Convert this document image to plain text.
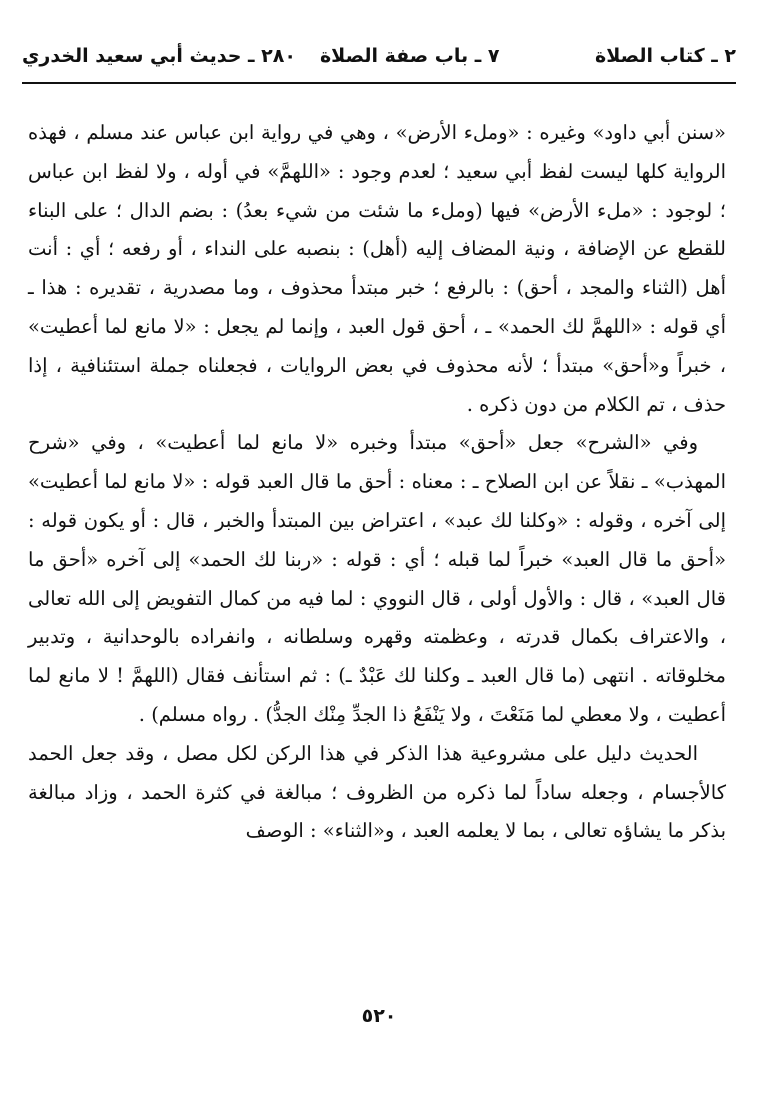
٢ ـ كتاب الصلاة
٧ ـ باب صفة الصلاة
٢٨٠ ـ حديث أبي سعيد الخدري

«سنن أبي داود» وغيره : «وملء الأرض» ، وهي في رواية ابن عباس عند مسلم ، فهذه الرواية كلها ليست لفظ أبي سعيد ؛ لعدم وجود : «اللهمَّ» في أوله ، ولا لفظ ابن عباس ؛ لوجود : «ملء الأرض» فيها (وملء ما شئت من شيء بعدُ) : بضم الدال ؛ على البناء للقطع عن الإضافة ، ونية المضاف إليه (أهل) : بنصبه على النداء ، أو رفعه ؛ أي : أنت أهل (الثناء والمجد ، أحق) : بالرفع ؛ خبر مبتدأ محذوف ، وما مصدرية ، تقديره : هذا ـ أي قوله : «اللهمَّ لك الحمد» ـ ، أحق قول العبد ، وإنما لم يجعل : «لا مانع لما أعطيت» ، خبراً و«أحق» مبتدأ ؛ لأنه محذوف في بعض الروايات ، فجعلناه جملة استئنافية ، إذا حذف ، تم الكلام من دون ذكره .

وفي «الشرح» جعل «أحق» مبتدأ وخبره «لا مانع لما أعطيت» ، وفي «شرح المهذب» ـ نقلاً عن ابن الصلاح ـ : معناه : أحق ما قال العبد قوله : «لا مانع لما أعطيت» إلى آخره ، وقوله : «وكلنا لك عبد» ، اعتراض بين المبتدأ والخبر ، قال : أو يكون قوله : «أحق ما قال العبد» خبراً لما قبله ؛ أي : قوله : «ربنا لك الحمد» إلى آخره «أحق ما قال العبد» ، قال : والأول أولى ، قال النووي : لما فيه من كمال التفويض إلى الله تعالى ، والاعتراف بكمال قدرته ، وعظمته وقهره وسلطانه ، وانفراده بالوحدانية ، وتدبير مخلوقاته . انتهى (ما قال العبد ـ وكلنا لك عَبْدٌ ـ) : ثم استأنف فقال (اللهمَّ ! لا مانع لما أعطيت ، ولا معطي لما مَنَعْتَ ، ولا يَنْفَعُ ذا الجدِّ مِنْك الجدُّ) . رواه مسلم) .

الحديث دليل على مشروعية هذا الذكر في هذا الركن لكل مصل ، وقد جعل الحمد كالأجسام ، وجعله ساداً لما ذكره من الظروف ؛ مبالغة في كثرة الحمد ، وزاد مبالغة بذكر ما يشاؤه تعالى ، بما لا يعلمه العبد ، و«الثناء» : الوصف

٥٢٠
